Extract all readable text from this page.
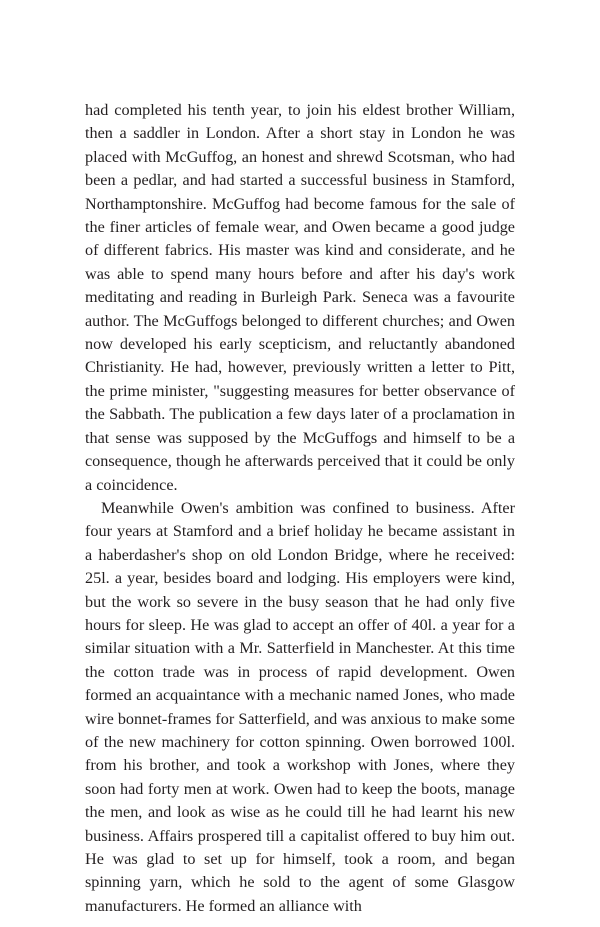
had completed his tenth year, to join his eldest brother William, then a saddler in London. After a short stay in London he was placed with McGuffog, an honest and shrewd Scotsman, who had been a pedlar, and had started a successful business in Stamford, Northamptonshire. McGuffog had become famous for the sale of the finer articles of female wear, and Owen became a good judge of different fabrics. His master was kind and considerate, and he was able to spend many hours before and after his day's work meditating and reading in Burleigh Park. Seneca was a favourite author. The McGuffogs belonged to different churches; and Owen now developed his early scepticism, and reluctantly abandoned Christianity. He had, however, previously written a letter to Pitt, the prime minister, "suggesting measures for better observance of the Sabbath. The publication a few days later of a proclamation in that sense was supposed by the McGuffogs and himself to be a consequence, though he afterwards perceived that it could be only a coincidence.

Meanwhile Owen's ambition was confined to business. After four years at Stamford and a brief holiday he became assistant in a haberdasher's shop on old London Bridge, where he received: 25l. a year, besides board and lodging. His employers were kind, but the work so severe in the busy season that he had only five hours for sleep. He was glad to accept an offer of 40l. a year for a similar situation with a Mr. Satterfield in Manchester. At this time the cotton trade was in process of rapid development. Owen formed an acquaintance with a mechanic named Jones, who made wire bonnet-frames for Satterfield, and was anxious to make some of the new machinery for cotton spinning. Owen borrowed 100l. from his brother, and took a workshop with Jones, where they soon had forty men at work. Owen had to keep the boots, manage the men, and look as wise as he could till he had learnt his new business. Affairs prospered till a capitalist offered to buy him out. He was glad to set up for himself, took a room, and began spinning yarn, which he sold to the agent of some Glasgow manufacturers. He formed an alliance with
